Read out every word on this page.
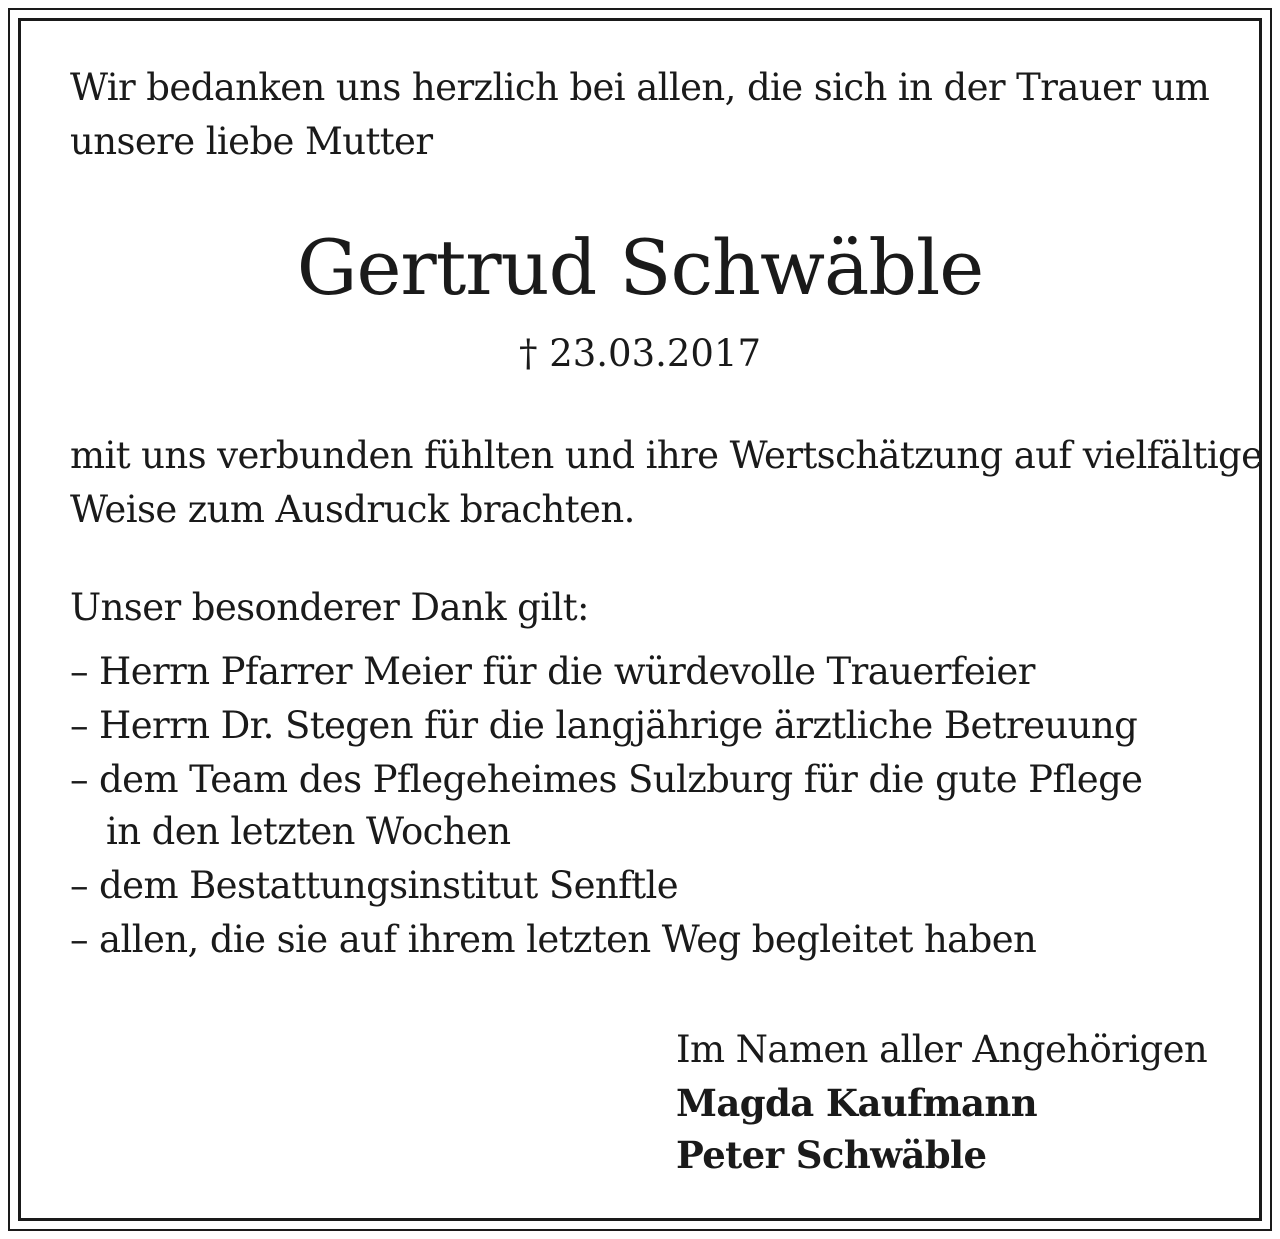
Wir bedanken uns herzlich bei allen, die sich in der Trauer um
unsere liebe Mutter
Gertrud Schwäble
† 23.03.2017
mit uns verbunden fühlten und ihre Wertschätzung auf vielfältige
Weise zum Ausdruck brachten.
Unser besonderer Dank gilt:
– Herrn Pfarrer Meier für die würdevolle Trauerfeier
– Herrn Dr. Stegen für die langjährige ärztliche Betreuung
– dem Team des Pflegeheimes Sulzburg für die gute Pflege
in den letzten Wochen
– dem Bestattungsinstitut Senftle
– allen, die sie auf ihrem letzten Weg begleitet haben
Im Namen aller Angehörigen
Magda Kaufmann
Peter Schwäble
